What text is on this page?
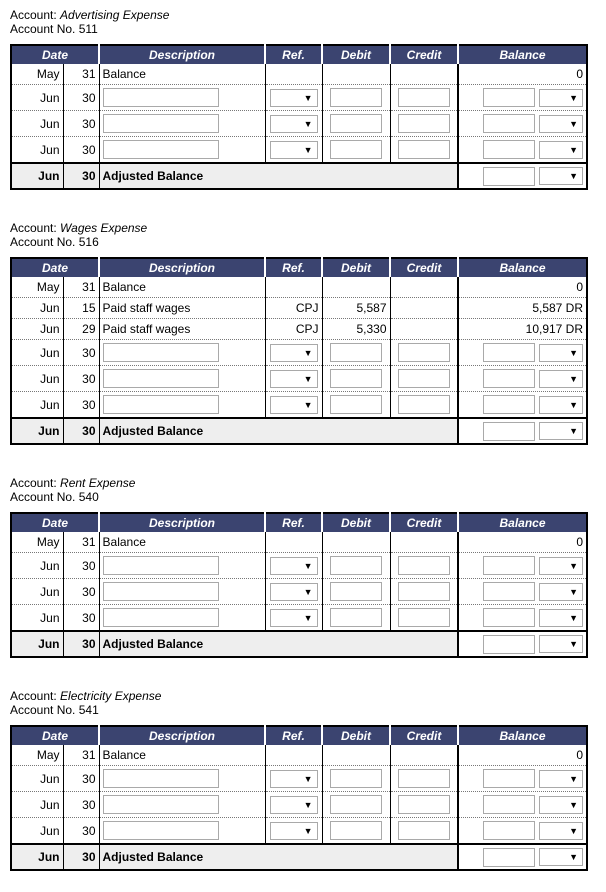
Account: Advertising Expense
Account No. 511
Date		Description	Ref.	Debit	Credit	Balance
May	31	Balance				0
Jun	30		▼			▼

Jun	30		▼			▼

Jun	30		▼			▼

Jun	30	Adjusted Balance				▼
Account: Wages Expense
Account No. 516
Date		Description	Ref.	Debit	Credit	Balance
May	31	Balance				0
Jun	15	Paid staff wages	CPJ	5,587		5,587 DR
Jun	29	Paid staff wages	CPJ	5,330		10,917 DR
Jun	30		▼			▼

Jun	30		▼			▼

Jun	30		▼			▼

Jun	30	Adjusted Balance				▼
Account: Rent Expense
Account No. 540
Date		Description	Ref.	Debit	Credit	Balance
May	31	Balance				0
Jun	30		▼			▼

Jun	30		▼			▼

Jun	30		▼			▼

Jun	30	Adjusted Balance				▼
Account: Electricity Expense
Account No. 541
Date		Description	Ref.	Debit	Credit	Balance
May	31	Balance				0
Jun	30		▼			▼

Jun	30		▼			▼

Jun	30		▼			▼

Jun	30	Adjusted Balance				▼
